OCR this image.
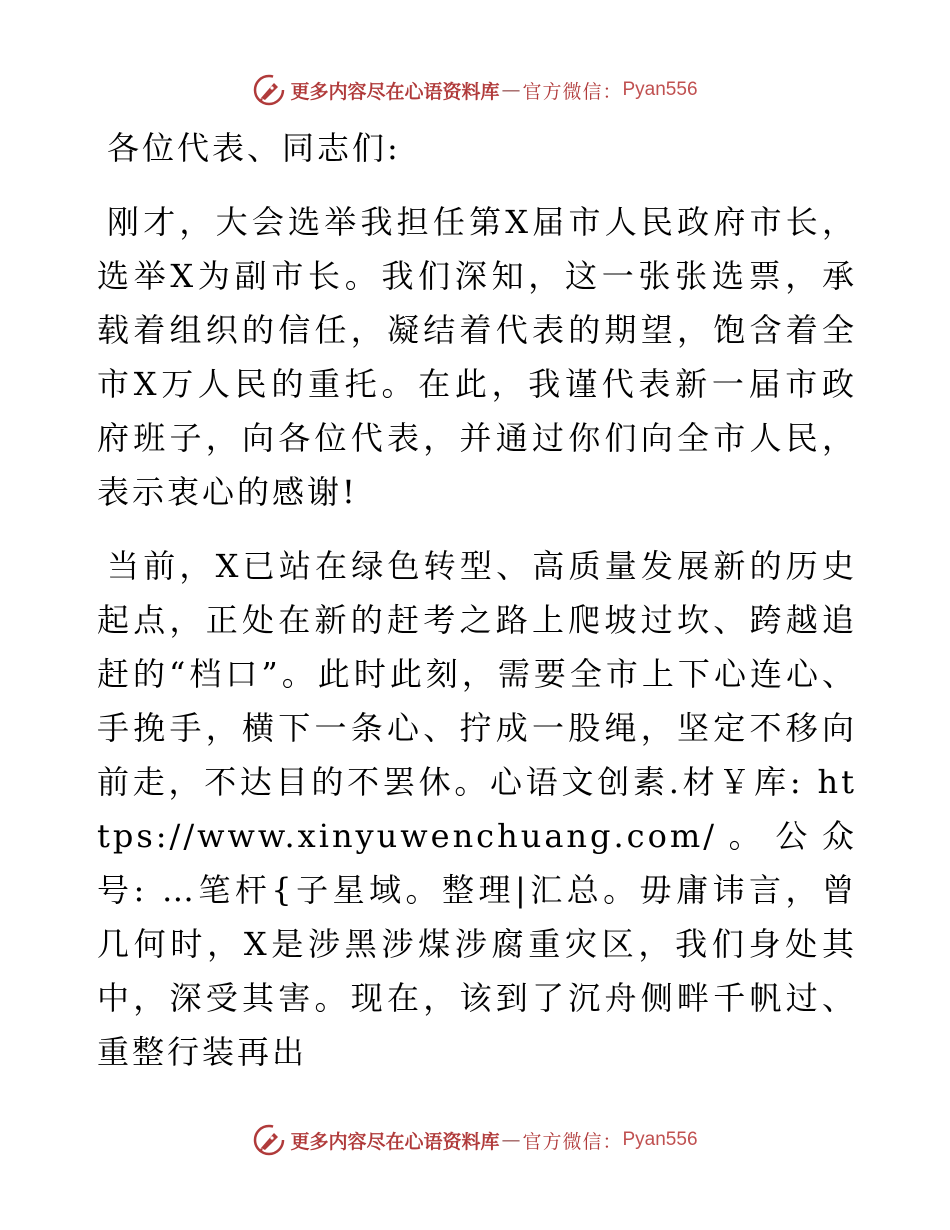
更多内容尽在心语资料库 — 官方微信： Pyan556

各位代表、同志们:

刚才，大会选举我担任第X届市人民政府市长，选举X为副市长。我们深知，这一张张选票，承载着组织的信任，凝结着代表的期望，饱含着全市X万人民的重托。在此，我谨代表新一届市政府班子，向各位代表，并通过你们向全市人民，表示衷心的感谢!

当前，X已站在绿色转型、高质量发展新的历史起点，正处在新的赶考之路上爬坡过坎、跨越追赶的“档口”。此时此刻，需要全市上下心连心、手挽手，横下一条心、拧成一股绳，坚定不移向前走，不达目的不罢休。心语文创素.材￥库: https://www.xinyuwenchuang.com/。公众号: …笔杆{子星域。整理|汇总。毋庸讳言，曾几何时，X是涉黑涉煤涉腐重灾区，我们身处其中，深受其害。现在，该到了沉舟侧畔千帆过、重整行装再出

更多内容尽在心语资料库 — 官方微信： Pyan556
